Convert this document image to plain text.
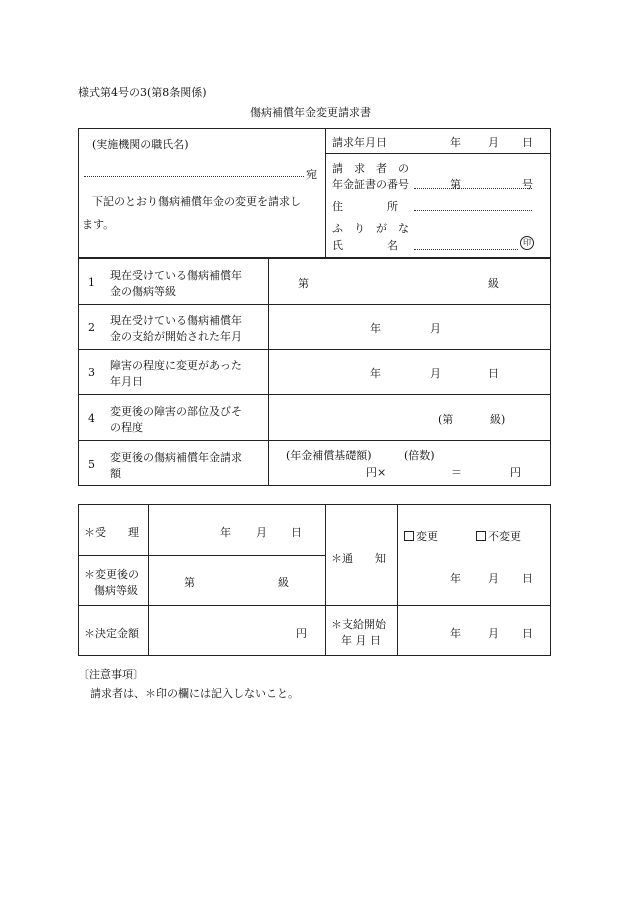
様式第4号の3(第8条関係)
傷病補償年金変更請求書
(実施機関の職氏名)
宛
下記のとおり傷病補償年金の変更を請求し
ます。
請求年月日	年 月 日
請　求　者　の
年金証書の番号	第	号
住　　　　所
ふ　り　が　な
氏　　　　名	印
1
現在受けている傷病補償年
金の傷病等級
第	級
2
現在受けている傷病補償年
金の支給が開始された年月
年	月
3
障害の程度に変更があった
年月日
年	月	日
4
変更後の障害の部位及びそ
の程度
(第	級)
5
変更後の傷病補償年金請求
額
(年金補償基礎額)	(倍数)
円×	＝	円
＊受　　理	年 月 日
＊通　　知
変更	不変更
年 月 日
＊変更後の
傷病等級
第	級
＊決定金額	円
＊支給開始
年 月 日
年 月 日
〔注意事項〕
請求者は、＊印の欄には記入しないこと。
